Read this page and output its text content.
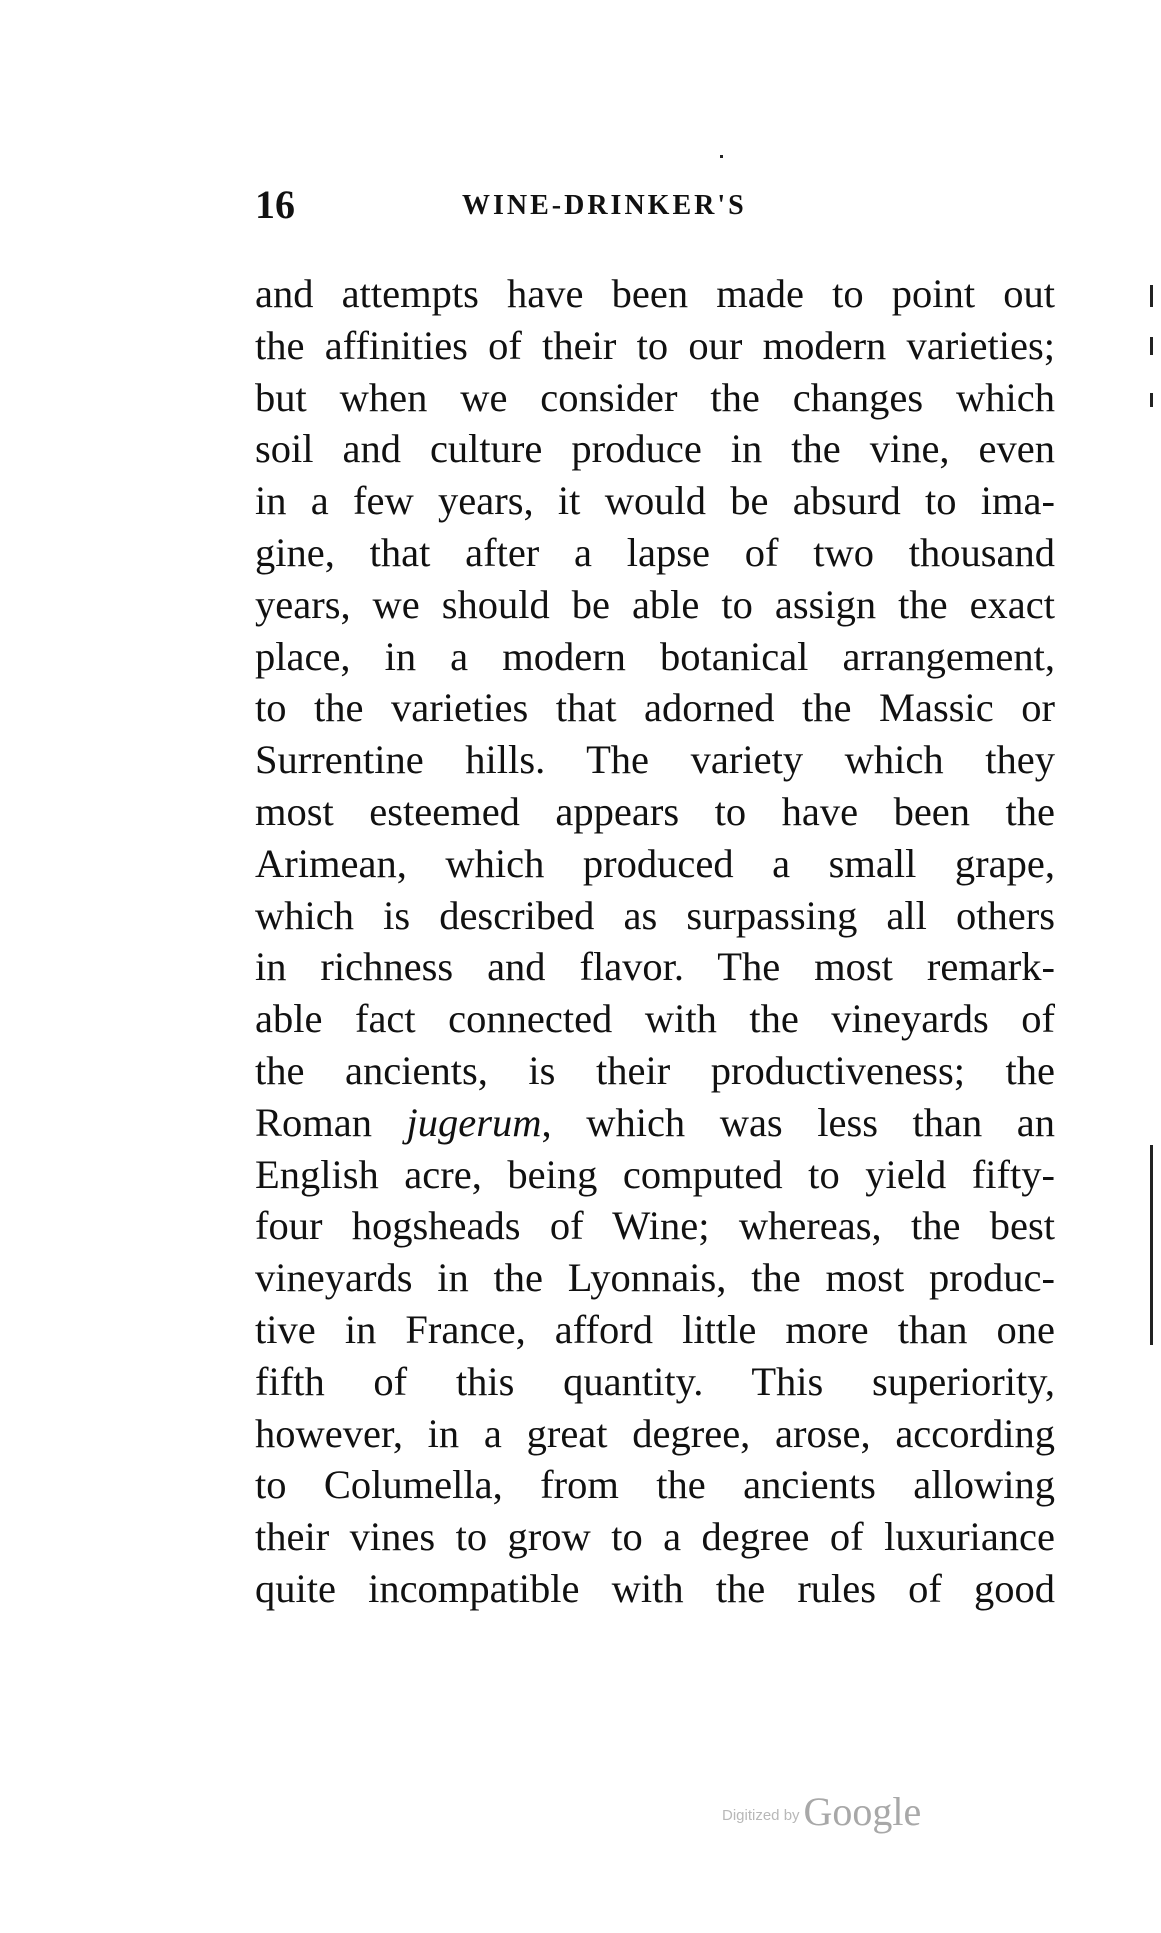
16	WINE-DRINKER'S
and attempts have been made to point out
the affinities of their to our modern varieties;
but when we consider the changes which
soil and culture produce in the vine, even
in a few years, it would be absurd to ima-
gine, that after a lapse of two thousand
years, we should be able to assign the exact
place, in a modern botanical arrangement,
to the varieties that adorned the Massic or
Surrentine hills. The variety which they
most esteemed appears to have been the
Arimean, which produced a small grape,
which is described as surpassing all others
in richness and flavor. The most remark-
able fact connected with the vineyards of
the ancients, is their productiveness; the
Roman jugerum, which was less than an
English acre, being computed to yield fifty-
four hogsheads of Wine; whereas, the best
vineyards in the Lyonnais, the most produc-
tive in France, afford little more than one
fifth of this quantity. This superiority,
however, in a great degree, arose, according
to Columella, from the ancients allowing
their vines to grow to a degree of luxuriance
quite incompatible with the rules of good
Digitized by Google
